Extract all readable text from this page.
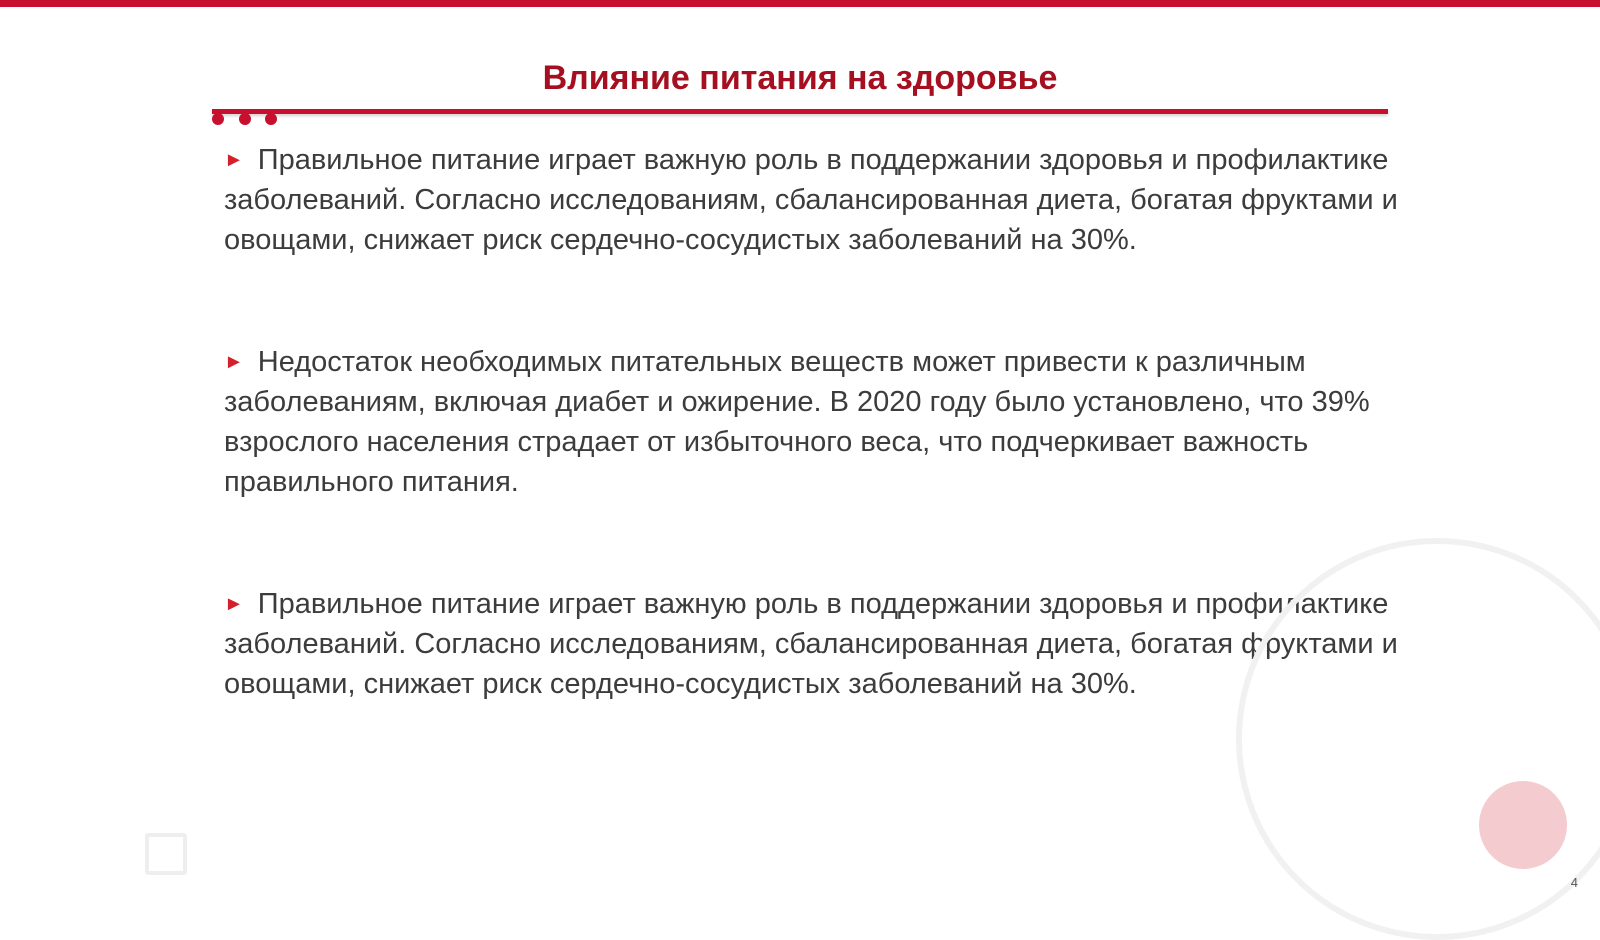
Влияние питания на здоровье

► Правильное питание играет важную роль в поддержании здоровья и профилактике заболеваний. Согласно исследованиям, сбалансированная диета, богатая фруктами и овощами, снижает риск сердечно-сосудистых заболеваний на 30%.

► Недостаток необходимых питательных веществ может привести к различным заболеваниям, включая диабет и ожирение. В 2020 году было установлено, что 39% взрослого населения страдает от избыточного веса, что подчеркивает важность правильного питания.

► Правильное питание играет важную роль в поддержании здоровья и профилактике заболеваний. Согласно исследованиям, сбалансированная диета, богатая фруктами и овощами, снижает риск сердечно-сосудистых заболеваний на 30%.

4
